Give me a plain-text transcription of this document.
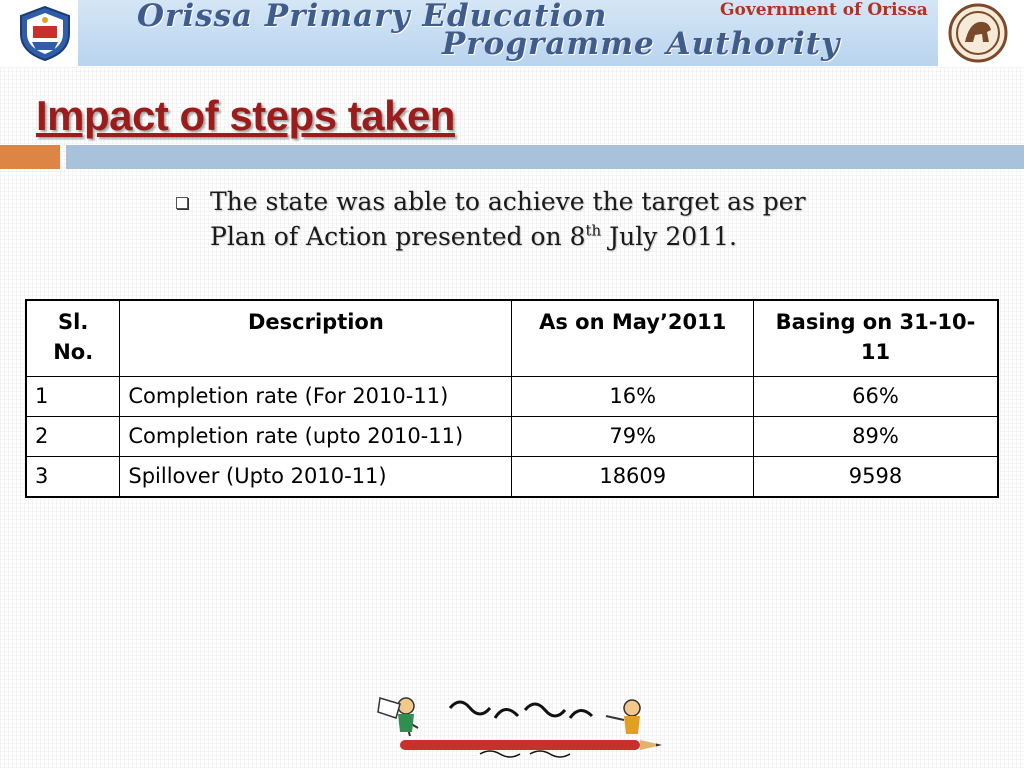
Orissa Primary Education
Programme Authority
Government of Orissa
Impact of steps taken

The state was able to achieve the target as per Plan of Action presented on 8th July 2011.

Sl. No.	Description	As on May’2011	Basing on 31-10-11
1	Completion rate (For 2010-11)	16%	66%
2	Completion rate (upto 2010-11)	79%	89%
3	Spillover (Upto 2010-11)	18609	9598
